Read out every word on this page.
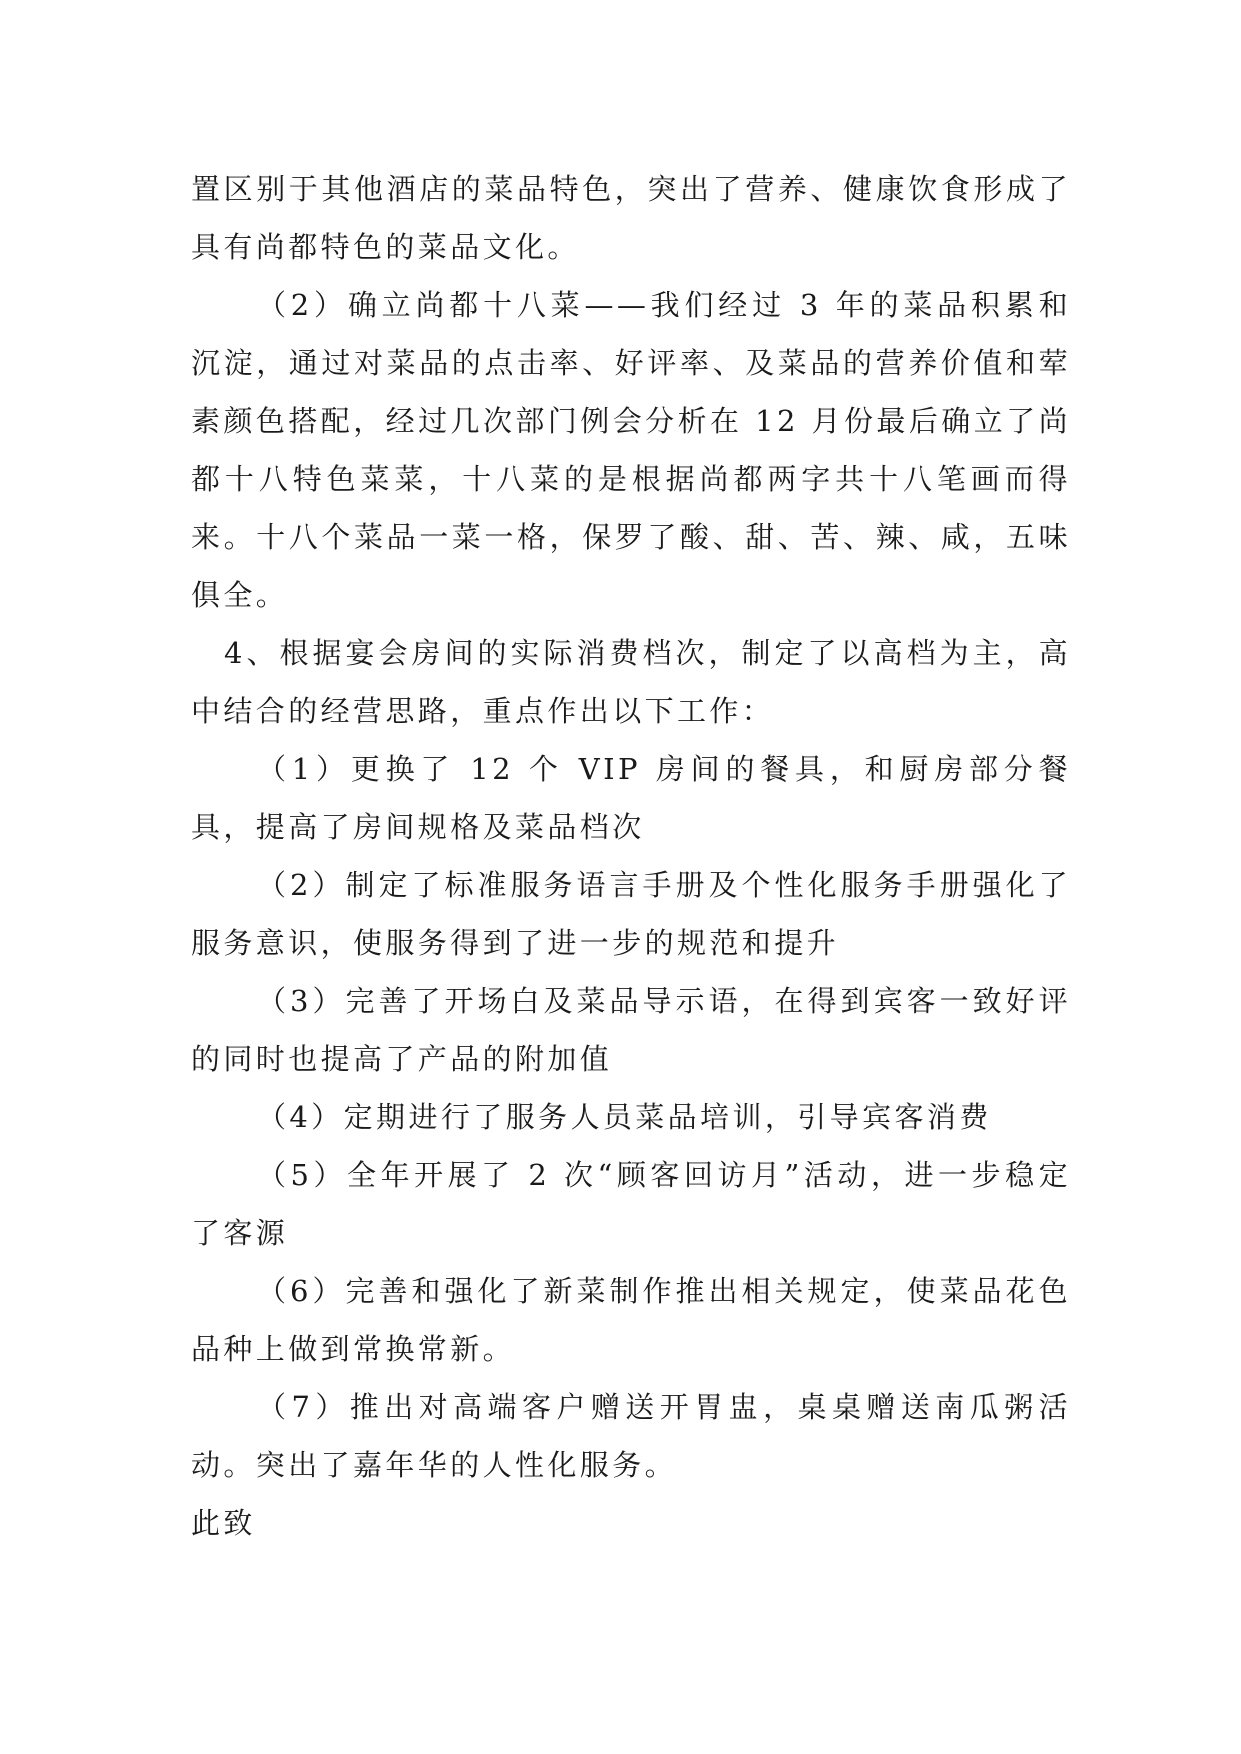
置区别于其他酒店的菜品特色，突出了营养、健康饮食形成了具有尚都特色的菜品文化。

（2）确立尚都十八菜——我们经过 3 年的菜品积累和沉淀，通过对菜品的点击率、好评率、及菜品的营养价值和荤素颜色搭配，经过几次部门例会分析在 12 月份最后确立了尚都十八特色菜菜，十八菜的是根据尚都两字共十八笔画而得来。十八个菜品一菜一格，保罗了酸、甜、苦、辣、咸，五味俱全。

4、根据宴会房间的实际消费档次，制定了以高档为主，高中结合的经营思路，重点作出以下工作：

（1）更换了 12 个 VIP 房间的餐具，和厨房部分餐具，提高了房间规格及菜品档次

（2）制定了标准服务语言手册及个性化服务手册强化了服务意识，使服务得到了进一步的规范和提升

（3）完善了开场白及菜品导示语，在得到宾客一致好评的同时也提高了产品的附加值

（4）定期进行了服务人员菜品培训，引导宾客消费

（5）全年开展了 2 次“顾客回访月”活动，进一步稳定了客源

（6）完善和强化了新菜制作推出相关规定，使菜品花色品种上做到常换常新。

（7）推出对高端客户赠送开胃盅，桌桌赠送南瓜粥活动。突出了嘉年华的人性化服务。

此致
